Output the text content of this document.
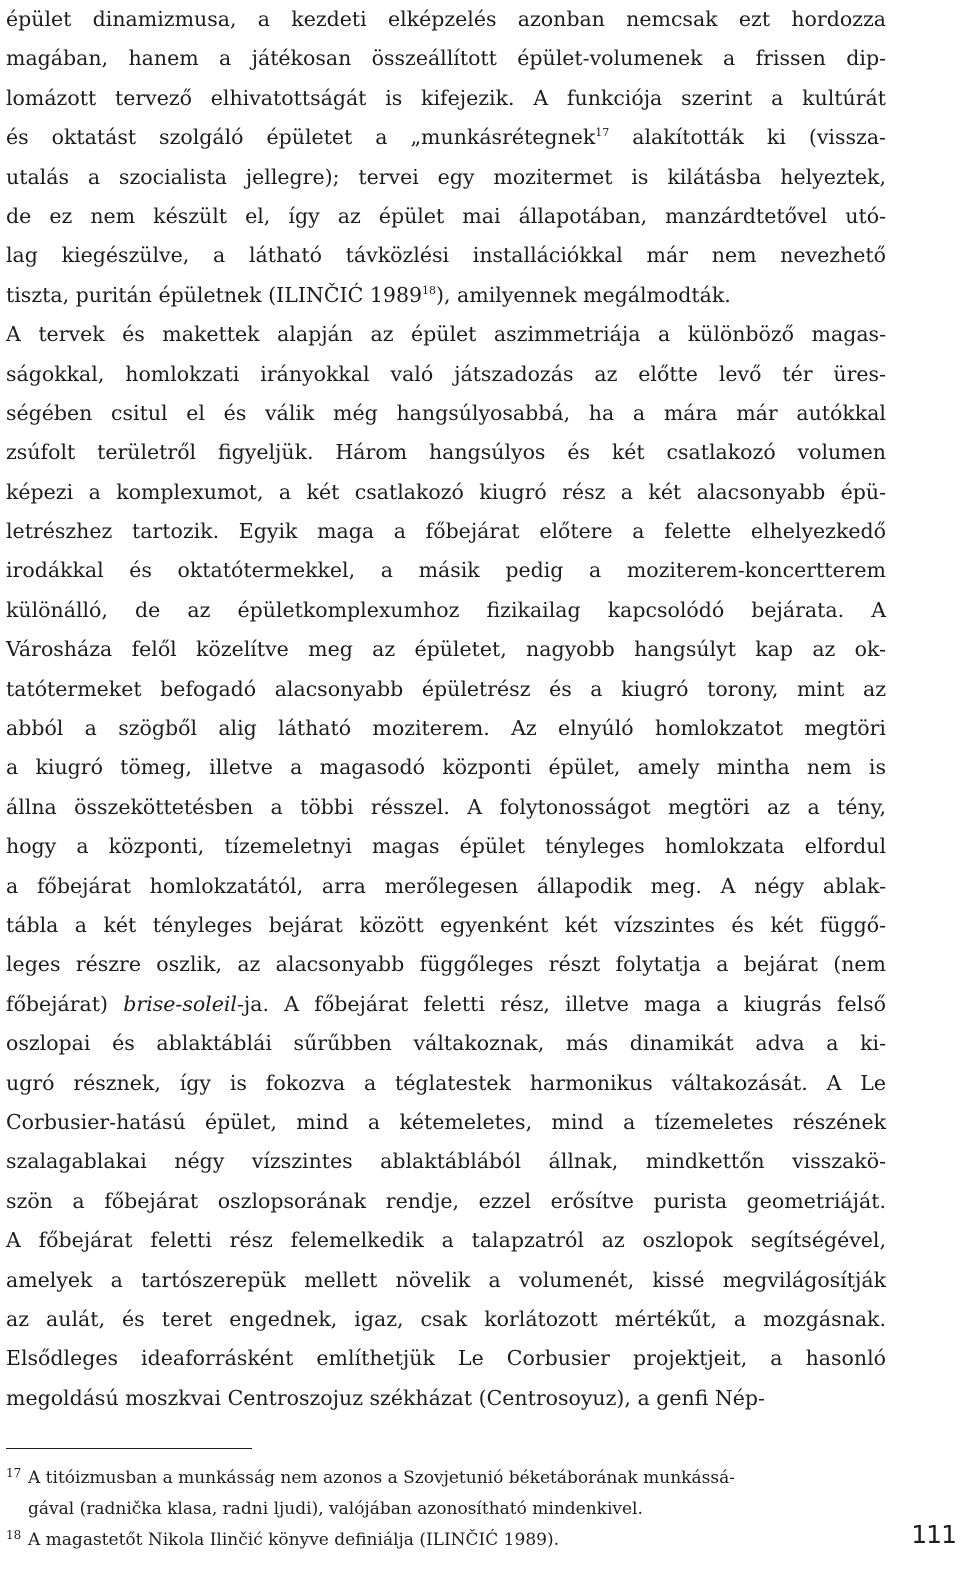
épület dinamizmusa, a kezdeti elképzelés azonban nemcsak ezt hordozza
magában, hanem a játékosan összeállított épület-volumenek a frissen dip-
lomázott tervező elhivatottságát is kifejezik. A funkciója szerint a kultúrát
és oktatást szolgáló épületet a „munkásrétegnek$^{17}$ alakították ki (vissza-
utalás a szocialista jellegre); tervei egy mozitermet is kilátásba helyeztek,
de ez nem készült el, így az épület mai állapotában, manzárdtetővel utó-
lag kiegészülve, a látható távközlési installációkkal már nem nevezhető
tiszta, puritán épületnek (ILINČIĆ 1989$^{18}$), amilyennek megálmodták.
A tervek és makettek alapján az épület aszimmetriája a különböző magas-
ságokkal, homlokzati irányokkal való játszadozás az előtte levő tér üres-
ségében csitul el és válik még hangsúlyosabbá, ha a mára már autókkal
zsúfolt területről figyeljük. Három hangsúlyos és két csatlakozó volumen
képezi a komplexumot, a két csatlakozó kiugró rész a két alacsonyabb épü-
letrészhez tartozik. Egyik maga a főbejárat előtere a felette elhelyezkedő
irodákkal és oktatótermekkel, a másik pedig a moziterem-koncertterem
különálló, de az épületkomplexumhoz fizikailag kapcsolódó bejárata. A
Városháza felől közelítve meg az épületet, nagyobb hangsúlyt kap az ok-
tatótermeket befogadó alacsonyabb épületrész és a kiugró torony, mint az
abból a szögből alig látható moziterem. Az elnyúló homlokzatot megtöri
a kiugró tömeg, illetve a magasodó központi épület, amely mintha nem is
állna összeköttetésben a többi résszel. A folytonosságot megtöri az a tény,
hogy a központi, tízemeletnyi magas épület tényleges homlokzata elfordul
a főbejárat homlokzatától, arra merőlegesen állapodik meg. A négy ablak-
tábla a két tényleges bejárat között egyenként két vízszintes és két függő-
leges részre oszlik, az alacsonyabb függőleges részt folytatja a bejárat (nem
főbejárat) brise-soleil-ja. A főbejárat feletti rész, illetve maga a kiugrás felső
oszlopai és ablaktáblái sűrűbben váltakoznak, más dinamikát adva a ki-
ugró résznek, így is fokozva a téglatestek harmonikus váltakozását. A Le
Corbusier-hatású épület, mind a kétemeletes, mind a tízemeletes részének
szalagablakai négy vízszintes ablaktáblából állnak, mindkettőn visszakö-
szön a főbejárat oszlopsorának rendje, ezzel erősítve purista geometriáját.
A főbejárat feletti rész felemelkedik a talapzatról az oszlopok segítségével,
amelyek a tartószerepük mellett növelik a volumenét, kissé megvilágosítják
az aulát, és teret engednek, igaz, csak korlátozott mértékűt, a mozgásnak.
Elsődleges ideaforrásként említhetjük Le Corbusier projektjeit, a hasonló
megoldású moszkvai Centroszojuz székházat (Centrosoyuz), a genfi Nép-
17 A titóizmusban a munkásság nem azonos a Szovjetunió béketáborának munkássá-
gával (radnička klasa, radni ljudi), valójában azonosítható mindenkivel.
18 A magastetőt Nikola Ilinčić könyve definiálja (ILINČIĆ 1989).	111
